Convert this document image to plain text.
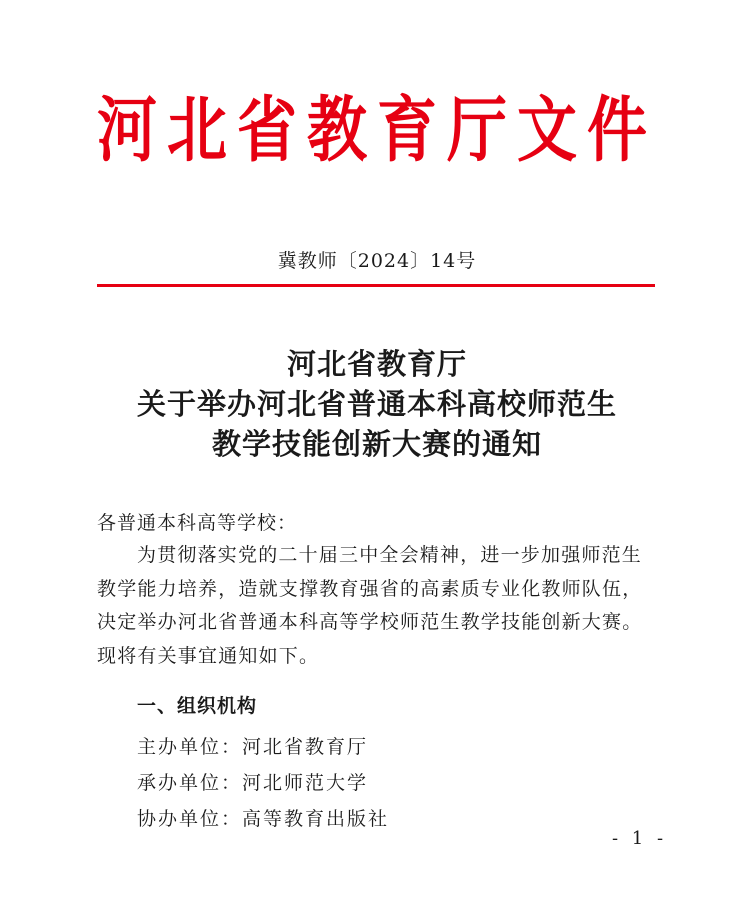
河北省教育厅文件
冀教师〔2024〕14号
河北省教育厅
关于举办河北省普通本科高校师范生
教学技能创新大赛的通知
各普通本科高等学校：
为贯彻落实党的二十届三中全会精神，进一步加强师范生
教学能力培养，造就支撑教育强省的高素质专业化教师队伍，
决定举办河北省普通本科高等学校师范生教学技能创新大赛。
现将有关事宜通知如下。
一、组织机构
主办单位：河北省教育厅
承办单位：河北师范大学
协办单位：高等教育出版社
- 1 -
